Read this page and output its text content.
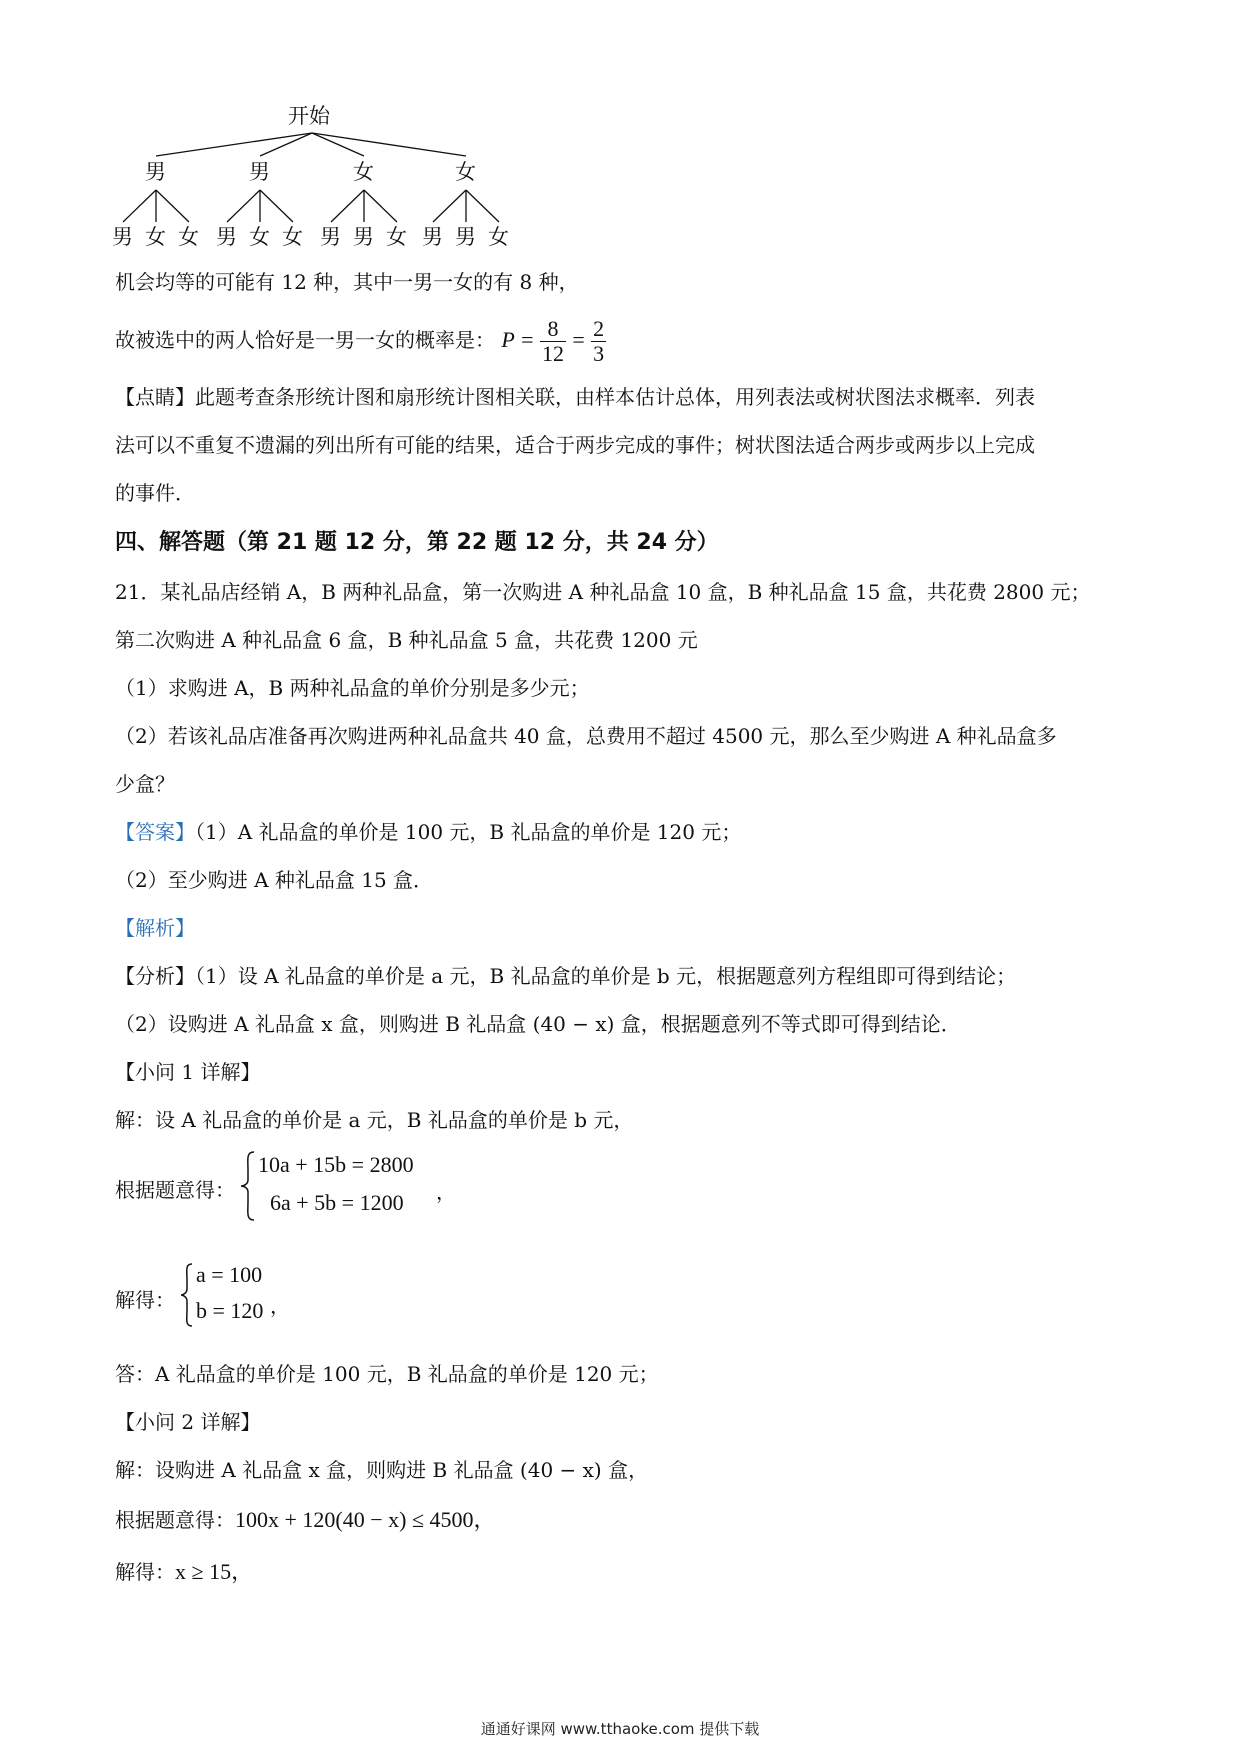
开始
男	男	女	女
男 女 女 男 女 女 男 男 女 男 男 女
机会均等的可能有 12 种，其中一男一女的有 8 种，
故被选中的两人恰好是一男一女的概率是： $P = \frac{8}{12} = \frac{2}{3}$
【点睛】此题考查条形统计图和扇形统计图相关联，由样本估计总体，用列表法或树状图法求概率．列表
法可以不重复不遗漏的列出所有可能的结果，适合于两步完成的事件；树状图法适合两步或两步以上完成
的事件．
四、解答题（第 21 题 12 分，第 22 题 12 分，共 24 分）
21．某礼品店经销 A，B 两种礼品盒，第一次购进 A 种礼品盒 10 盒，B 种礼品盒 15 盒，共花费 2800 元；
第二次购进 A 种礼品盒 6 盒，B 种礼品盒 5 盒，共花费 1200 元
（1）求购进 A，B 两种礼品盒的单价分别是多少元；
（2）若该礼品店准备再次购进两种礼品盒共 40 盒，总费用不超过 4500 元，那么至少购进 A 种礼品盒多
少盒？
【答案】（1）A 礼品盒的单价是 100 元，B 礼品盒的单价是 120 元；
（2）至少购进 A 种礼品盒 15 盒．
【解析】
【分析】（1）设 A 礼品盒的单价是 a 元，B 礼品盒的单价是 b 元，根据题意列方程组即可得到结论；
（2）设购进 A 礼品盒 x 盒，则购进 B 礼品盒 (40 − x) 盒，根据题意列不等式即可得到结论．
【小问 1 详解】
解：设 A 礼品盒的单价是 a 元，B 礼品盒的单价是 b 元，
根据题意得：
10a + 15b = 2800
6a + 5b = 1200 ，
解得：
a = 100
b = 120 ，
答：A 礼品盒的单价是 100 元，B 礼品盒的单价是 120 元；
【小问 2 详解】
解：设购进 A 礼品盒 x 盒，则购进 B 礼品盒 (40 − x) 盒，
根据题意得：100x + 120(40 − x) ≤ 4500，
解得：x ≥ 15，
通通好课网 www.tthaoke.com 提供下载
